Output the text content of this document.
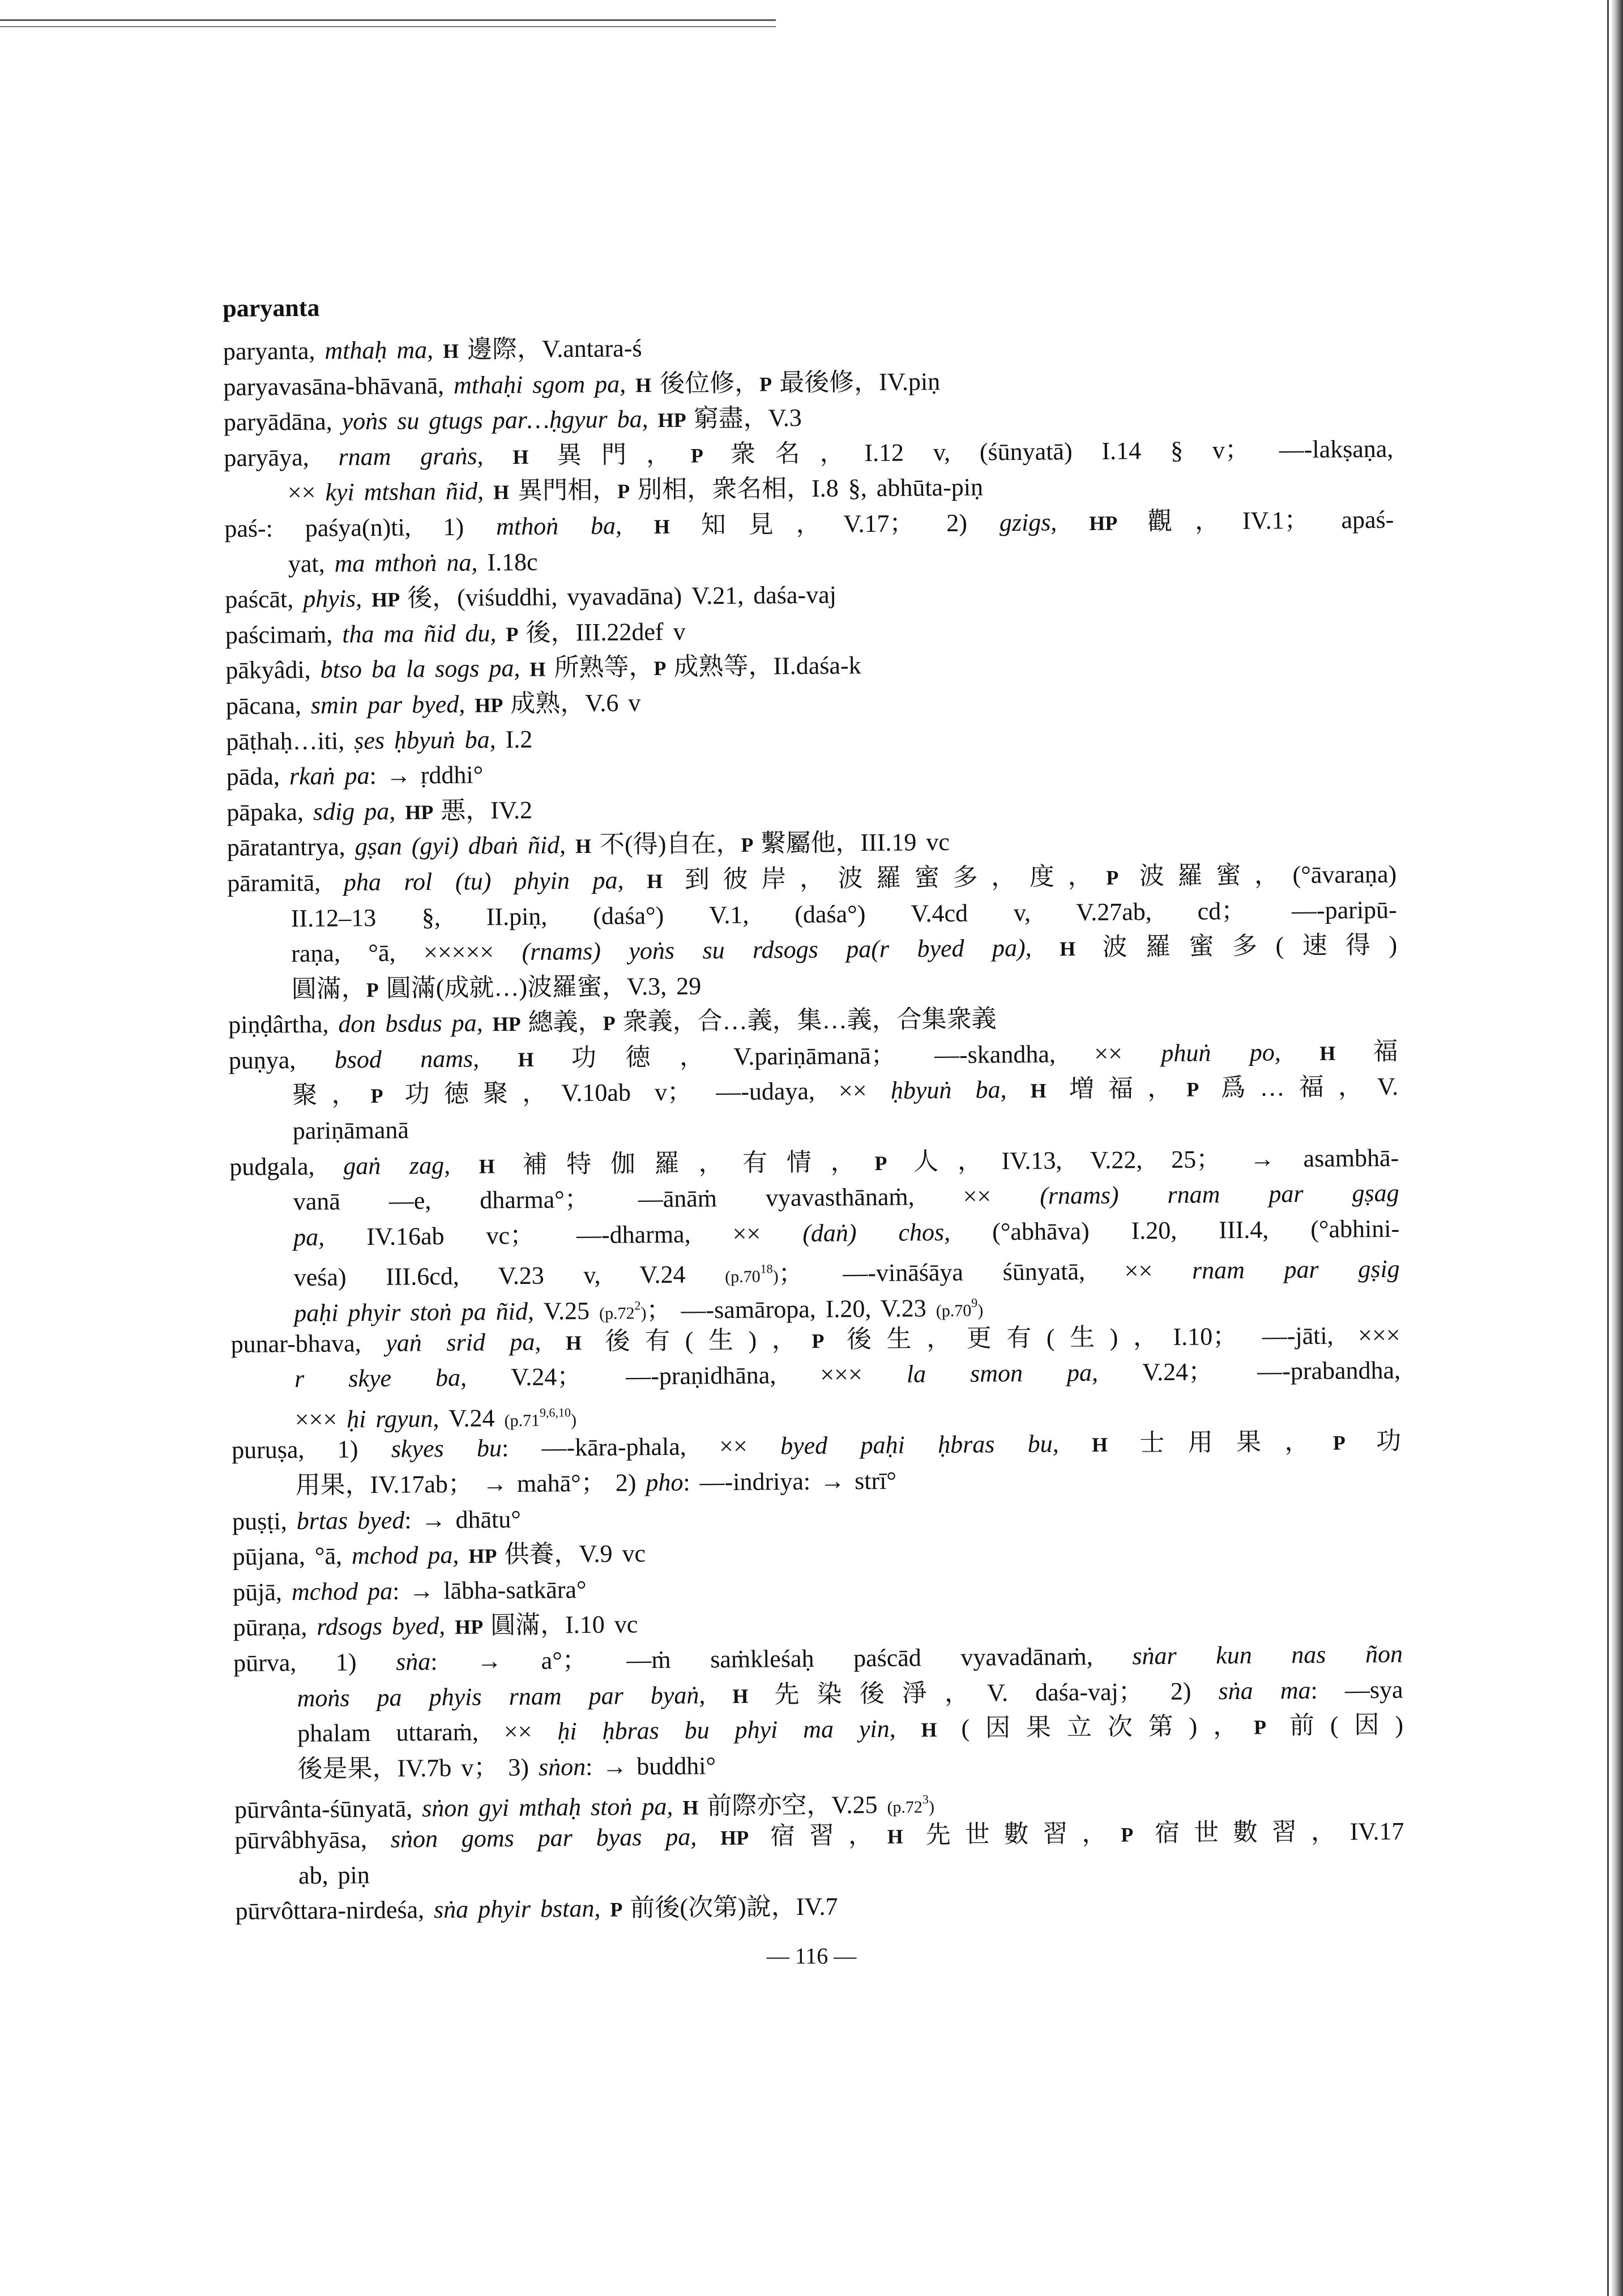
paryanta
paryanta, mthaḥ ma, H 邊際，V.antara-ś
paryavasāna-bhāvanā, mthaḥi sgom pa, H 後位修，P 最後修，IV.piṇ
paryādāna, yoṅs su gtugs par…ḥgyur ba, HP 窮盡，V.3
paryāya, rnam graṅs, H 異門，P 衆名，I.12 v, (śūnyatā) I.14 § v； —-lakṣaṇa,
×× kyi mtshan ñid, H 異門相，P 別相，衆名相，I.8 §, abhūta-piṇ
paś-: paśya(n)ti, 1) mthoṅ ba, H 知見，V.17； 2) gzigs, HP 觀，IV.1； apaś-
yat, ma mthoṅ na, I.18c
paścāt, phyis, HP 後，(viśuddhi, vyavadāna) V.21, daśa-vaj
paścimaṁ, tha ma ñid du, P 後，III.22def v
pākyâdi, btso ba la sogs pa, H 所熟等，P 成熟等，II.daśa-k
pācana, smin par byed, HP 成熟，V.6 v
pāṭhaḥ…iti, ṣes ḥbyuṅ ba, I.2
pāda, rkaṅ pa: → ṛddhi°
pāpaka, sdig pa, HP 悪，IV.2
pāratantrya, gṣan (gyi) dbaṅ ñid, H 不(得)自在，P 繫屬他，III.19 vc
pāramitā, pha rol (tu) phyin pa, H 到彼岸，波羅蜜多，度，P 波羅蜜，(°āvaraṇa)
II.12–13 §, II.piṇ, (daśa°) V.1, (daśa°) V.4cd v, V.27ab, cd； —-paripū-
raṇa, °ā, ××××× (rnams) yoṅs su rdsogs pa(r byed pa), H 波羅蜜多(速得)
圓滿，P 圓滿(成就…)波羅蜜，V.3, 29
piṇḍârtha, don bsdus pa, HP 總義，P 衆義，合…義，集…義，合集衆義
puṇya, bsod nams, H 功徳，V.pariṇāmanā； —-skandha, ×× phuṅ po, H 福
聚，P 功徳聚，V.10ab v； —-udaya, ×× ḥbyuṅ ba, H 増福，P 爲…福，V.
pariṇāmanā
pudgala, gaṅ zag, H 補特伽羅，有情，P 人，IV.13, V.22, 25； → asambhā-
vanā —e, dharma°； —ānāṁ vyavasthānaṁ, ×× (rnams) rnam par gṣag
pa, IV.16ab vc； —-dharma, ×× (daṅ) chos, (°abhāva) I.20, III.4, (°abhini-
veśa) III.6cd, V.23 v, V.24 $(p.70^{18})$； —-vināśāya śūnyatā, ×× rnam par gṣig
paḥi phyir stoṅ pa ñid, V.25 $(p.72^2)$； —-samāropa, I.20, V.23 $(p.70^9)$
punar-bhava, yaṅ srid pa, H 後有(生)，P 後生，更有(生)，I.10； —-jāti, ×××
r skye ba, V.24； —-praṇidhāna, ××× la smon pa, V.24； —-prabandha,
××× ḥi rgyun, V.24 (p.71$^{9,6,10}$)
puruṣa, 1) skyes bu: —-kāra-phala, ×× byed paḥi ḥbras bu, H 士用果，P 功
用果，IV.17ab； → mahā°； 2) pho: —-indriya: → strī°
puṣṭi, brtas byed: → dhātu°
pūjana, °ā, mchod pa, HP 供養，V.9 vc
pūjā, mchod pa: → lābha-satkāra°
pūraṇa, rdsogs byed, HP 圓滿，I.10 vc
pūrva, 1) sṅa: → a°； —ṁ saṁkleśaḥ paścād vyavadānaṁ, sṅar kun nas ñon
moṅs pa phyis rnam par byaṅ, H 先染後淨，V. daśa-vaj； 2) sṅa ma: —sya
phalam uttaraṁ, ×× ḥi ḥbras bu phyi ma yin, H (因果立次第)，P 前(因)
後是果，IV.7b v； 3) sṅon: → buddhi°
pūrvânta-śūnyatā, sṅon gyi mthaḥ stoṅ pa, H 前際亦空，V.25 $(p.72^3)$
pūrvâbhyāsa, sṅon goms par byas pa, HP 宿習，H 先世數習，P 宿世數習，IV.17
ab, piṇ
pūrvôttara-nirdeśa, sṅa phyir bstan, P 前後(次第)說，IV.7
— 116 —
